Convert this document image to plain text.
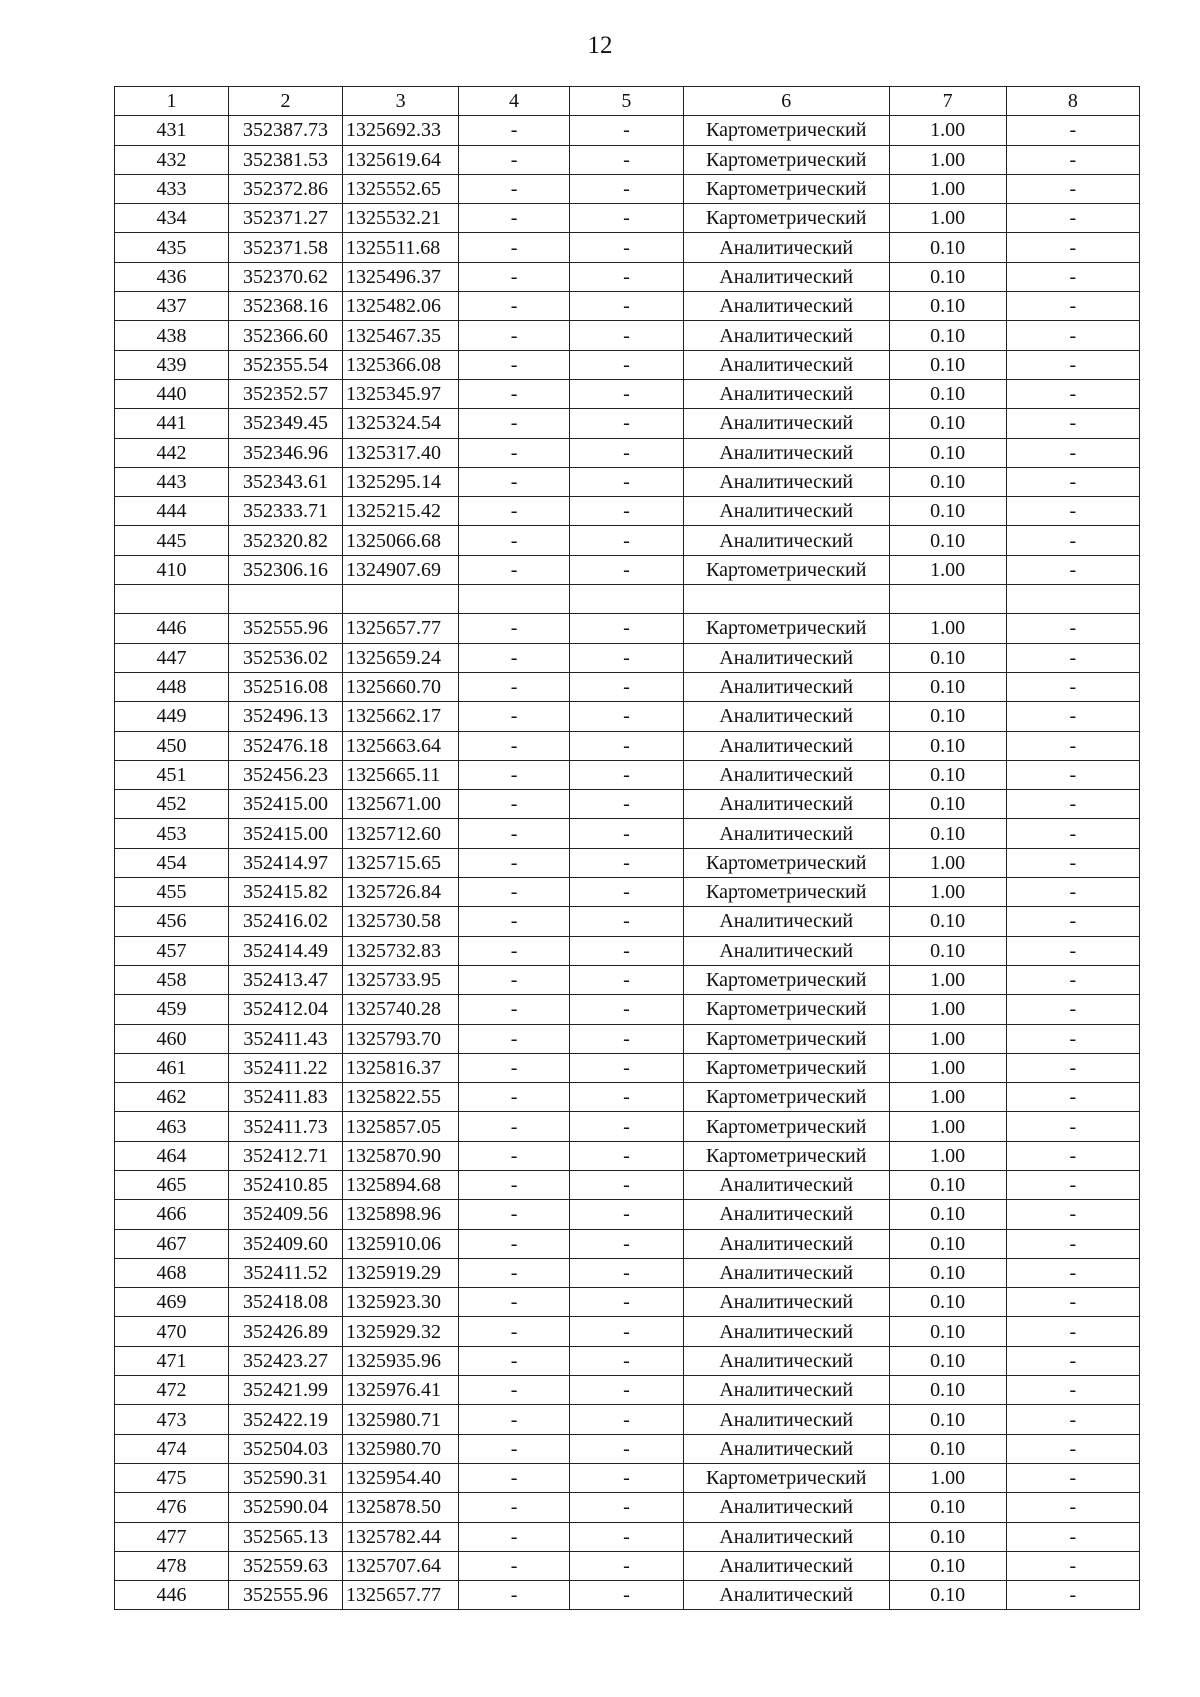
12
1	2	3	4	5	6	7	8
431	352387.73	1325692.33	-	-	Картометрический	1.00	-
432	352381.53	1325619.64	-	-	Картометрический	1.00	-
433	352372.86	1325552.65	-	-	Картометрический	1.00	-
434	352371.27	1325532.21	-	-	Картометрический	1.00	-
435	352371.58	1325511.68	-	-	Аналитический	0.10	-
436	352370.62	1325496.37	-	-	Аналитический	0.10	-
437	352368.16	1325482.06	-	-	Аналитический	0.10	-
438	352366.60	1325467.35	-	-	Аналитический	0.10	-
439	352355.54	1325366.08	-	-	Аналитический	0.10	-
440	352352.57	1325345.97	-	-	Аналитический	0.10	-
441	352349.45	1325324.54	-	-	Аналитический	0.10	-
442	352346.96	1325317.40	-	-	Аналитический	0.10	-
443	352343.61	1325295.14	-	-	Аналитический	0.10	-
444	352333.71	1325215.42	-	-	Аналитический	0.10	-
445	352320.82	1325066.68	-	-	Аналитический	0.10	-
410	352306.16	1324907.69	-	-	Картометрический	1.00	-

446	352555.96	1325657.77	-	-	Картометрический	1.00	-
447	352536.02	1325659.24	-	-	Аналитический	0.10	-
448	352516.08	1325660.70	-	-	Аналитический	0.10	-
449	352496.13	1325662.17	-	-	Аналитический	0.10	-
450	352476.18	1325663.64	-	-	Аналитический	0.10	-
451	352456.23	1325665.11	-	-	Аналитический	0.10	-
452	352415.00	1325671.00	-	-	Аналитический	0.10	-
453	352415.00	1325712.60	-	-	Аналитический	0.10	-
454	352414.97	1325715.65	-	-	Картометрический	1.00	-
455	352415.82	1325726.84	-	-	Картометрический	1.00	-
456	352416.02	1325730.58	-	-	Аналитический	0.10	-
457	352414.49	1325732.83	-	-	Аналитический	0.10	-
458	352413.47	1325733.95	-	-	Картометрический	1.00	-
459	352412.04	1325740.28	-	-	Картометрический	1.00	-
460	352411.43	1325793.70	-	-	Картометрический	1.00	-
461	352411.22	1325816.37	-	-	Картометрический	1.00	-
462	352411.83	1325822.55	-	-	Картометрический	1.00	-
463	352411.73	1325857.05	-	-	Картометрический	1.00	-
464	352412.71	1325870.90	-	-	Картометрический	1.00	-
465	352410.85	1325894.68	-	-	Аналитический	0.10	-
466	352409.56	1325898.96	-	-	Аналитический	0.10	-
467	352409.60	1325910.06	-	-	Аналитический	0.10	-
468	352411.52	1325919.29	-	-	Аналитический	0.10	-
469	352418.08	1325923.30	-	-	Аналитический	0.10	-
470	352426.89	1325929.32	-	-	Аналитический	0.10	-
471	352423.27	1325935.96	-	-	Аналитический	0.10	-
472	352421.99	1325976.41	-	-	Аналитический	0.10	-
473	352422.19	1325980.71	-	-	Аналитический	0.10	-
474	352504.03	1325980.70	-	-	Аналитический	0.10	-
475	352590.31	1325954.40	-	-	Картометрический	1.00	-
476	352590.04	1325878.50	-	-	Аналитический	0.10	-
477	352565.13	1325782.44	-	-	Аналитический	0.10	-
478	352559.63	1325707.64	-	-	Аналитический	0.10	-
446	352555.96	1325657.77	-	-	Аналитический	0.10	-
